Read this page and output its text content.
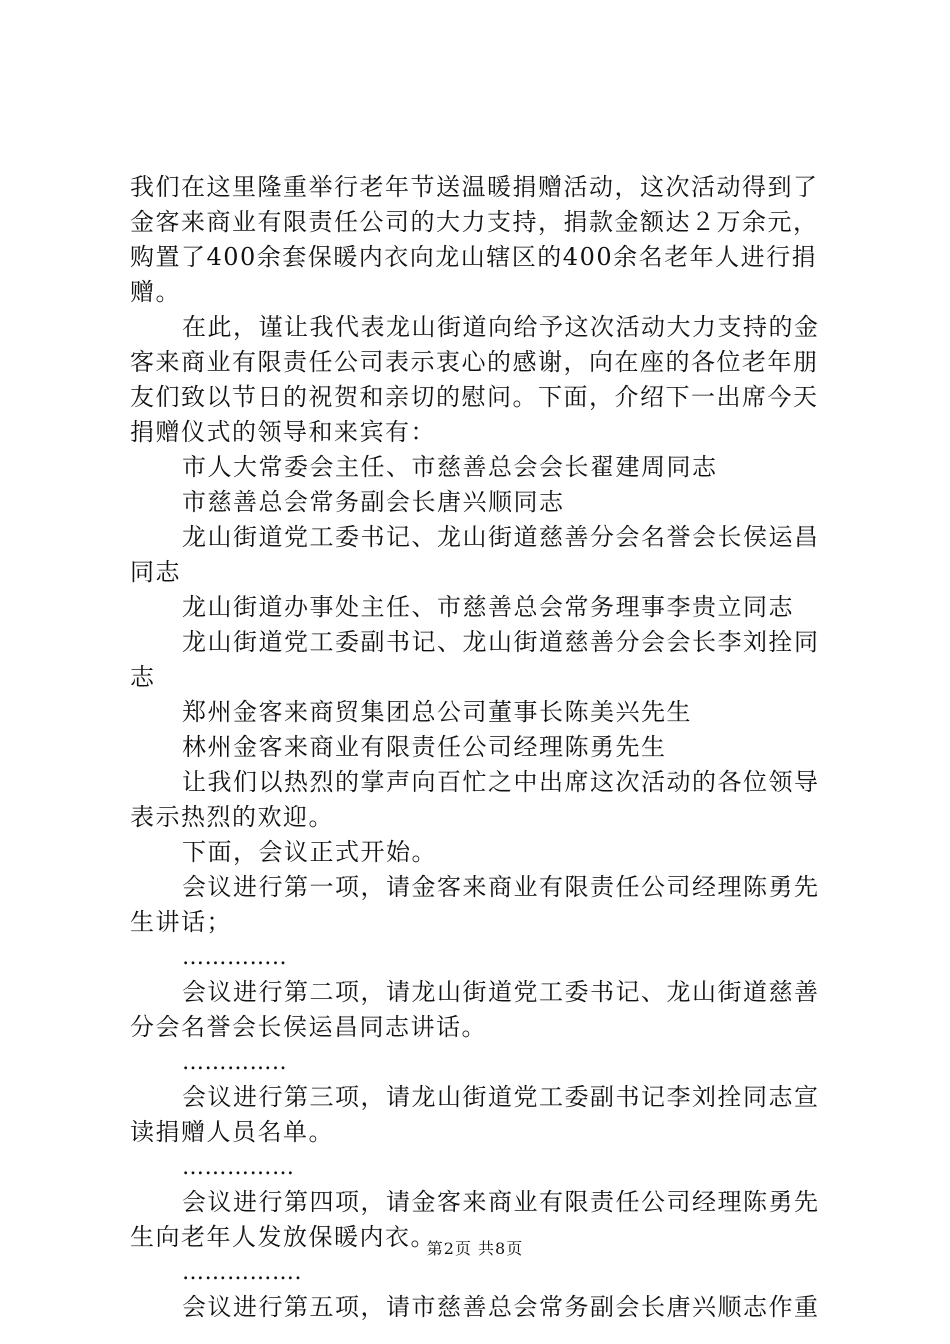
我们在这里隆重举行老年节送温暖捐赠活动，这次活动得到了
金客来商业有限责任公司的大力支持，捐款金额达２万余元，
购置了400余套保暖内衣向龙山辖区的400余名老年人进行捐
赠。
在此，谨让我代表龙山街道向给予这次活动大力支持的金
客来商业有限责任公司表示衷心的感谢，向在座的各位老年朋
友们致以节日的祝贺和亲切的慰问。下面，介绍下一出席今天
捐赠仪式的领导和来宾有：
市人大常委会主任、市慈善总会会长翟建周同志
市慈善总会常务副会长唐兴顺同志
龙山街道党工委书记、龙山街道慈善分会名誉会长侯运昌
同志
龙山街道办事处主任、市慈善总会常务理事李贵立同志
龙山街道党工委副书记、龙山街道慈善分会会长李刘拴同
志
郑州金客来商贸集团总公司董事长陈美兴先生
林州金客来商业有限责任公司经理陈勇先生
让我们以热烈的掌声向百忙之中出席这次活动的各位领导
表示热烈的欢迎。
下面，会议正式开始。
会议进行第一项，请金客来商业有限责任公司经理陈勇先
生讲话；
…………..
会议进行第二项，请龙山街道党工委书记、龙山街道慈善
分会名誉会长侯运昌同志讲话。
…………..
会议进行第三项，请龙山街道党工委副书记李刘拴同志宣
读捐赠人员名单。
……………
会议进行第四项，请金客来商业有限责任公司经理陈勇先
生向老年人发放保暖内衣。
…………….
会议进行第五项，请市慈善总会常务副会长唐兴顺志作重
第2页 共8页
